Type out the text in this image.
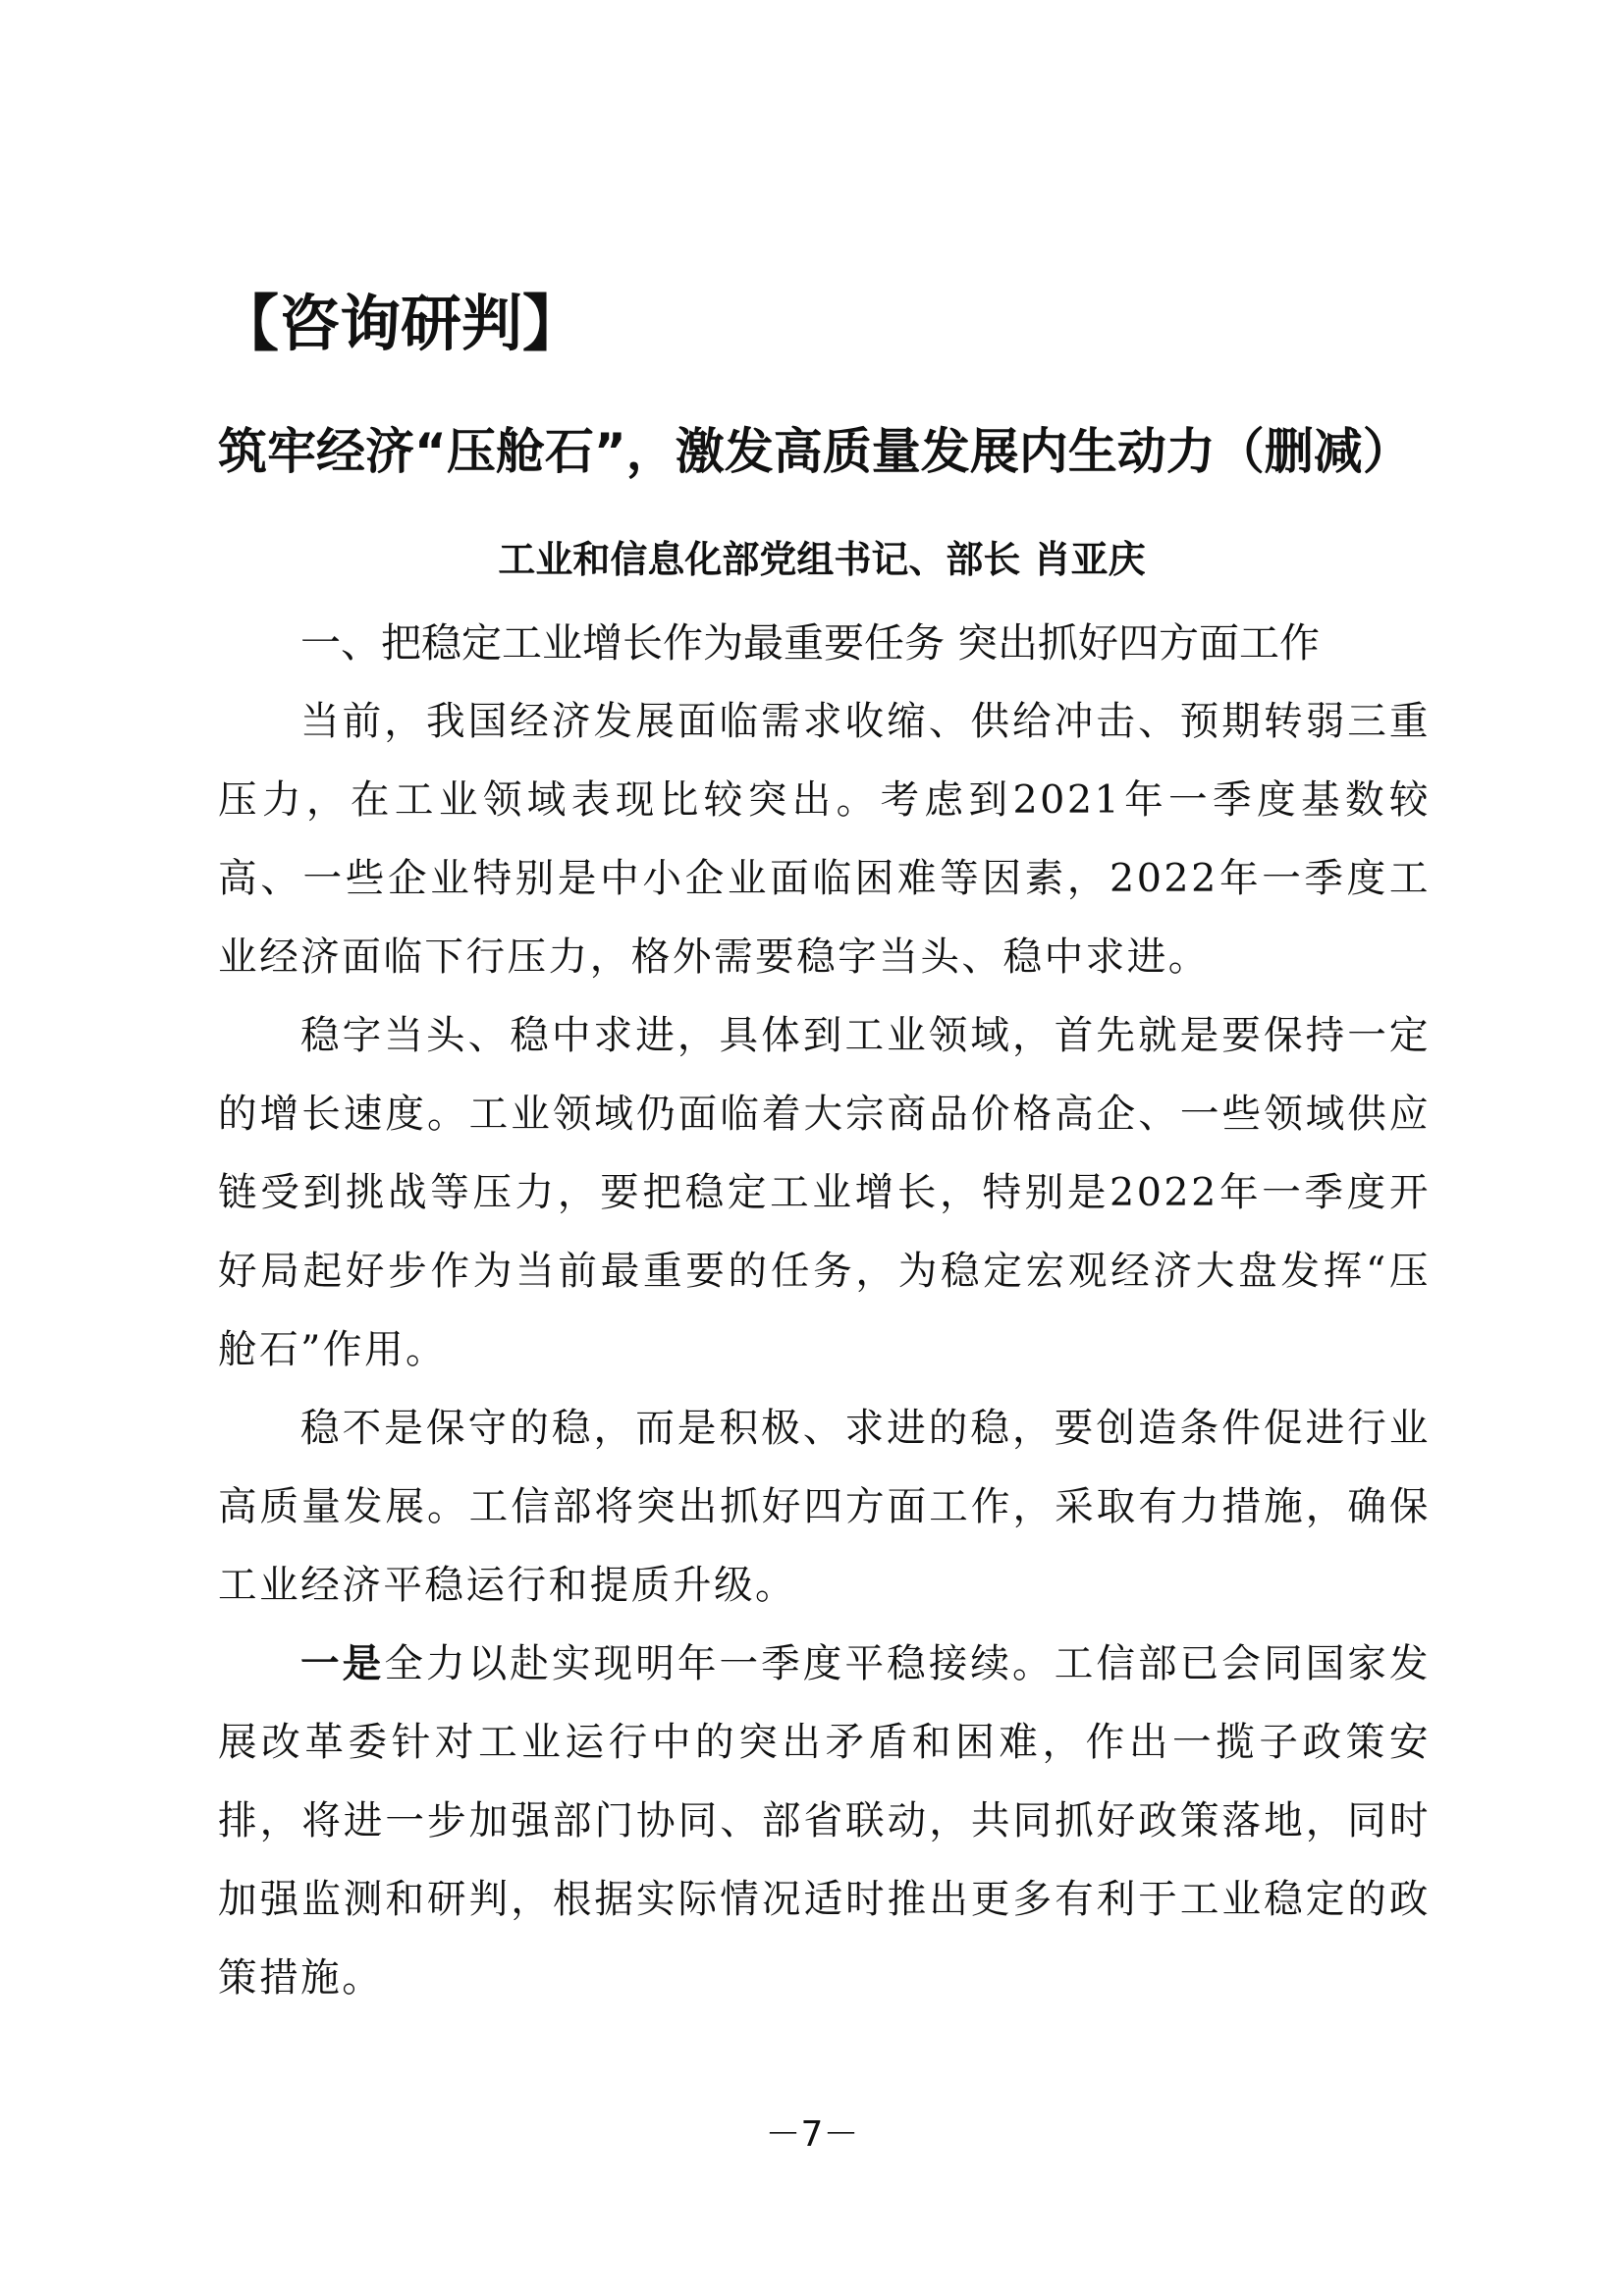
【咨询研判】
筑牢经济“压舱石”，激发高质量发展内生动力（删减）
工业和信息化部党组书记、部长 肖亚庆
一、把稳定工业增长作为最重要任务 突出抓好四方面工作

当前，我国经济发展面临需求收缩、供给冲击、预期转弱三重压力，在工业领域表现比较突出。考虑到2021年一季度基数较高、一些企业特别是中小企业面临困难等因素，2022年一季度工业经济面临下行压力，格外需要稳字当头、稳中求进。

稳字当头、稳中求进，具体到工业领域，首先就是要保持一定的增长速度。工业领域仍面临着大宗商品价格高企、一些领域供应链受到挑战等压力，要把稳定工业增长，特别是2022年一季度开好局起好步作为当前最重要的任务，为稳定宏观经济大盘发挥“压舱石”作用。

稳不是保守的稳，而是积极、求进的稳，要创造条件促进行业高质量发展。工信部将突出抓好四方面工作，采取有力措施，确保工业经济平稳运行和提质升级。

一是全力以赴实现明年一季度平稳接续。工信部已会同国家发展改革委针对工业运行中的突出矛盾和困难，作出一揽子政策安排，将进一步加强部门协同、部省联动，共同抓好政策落地，同时加强监测和研判，根据实际情况适时推出更多有利于工业稳定的政策措施。

－7－
